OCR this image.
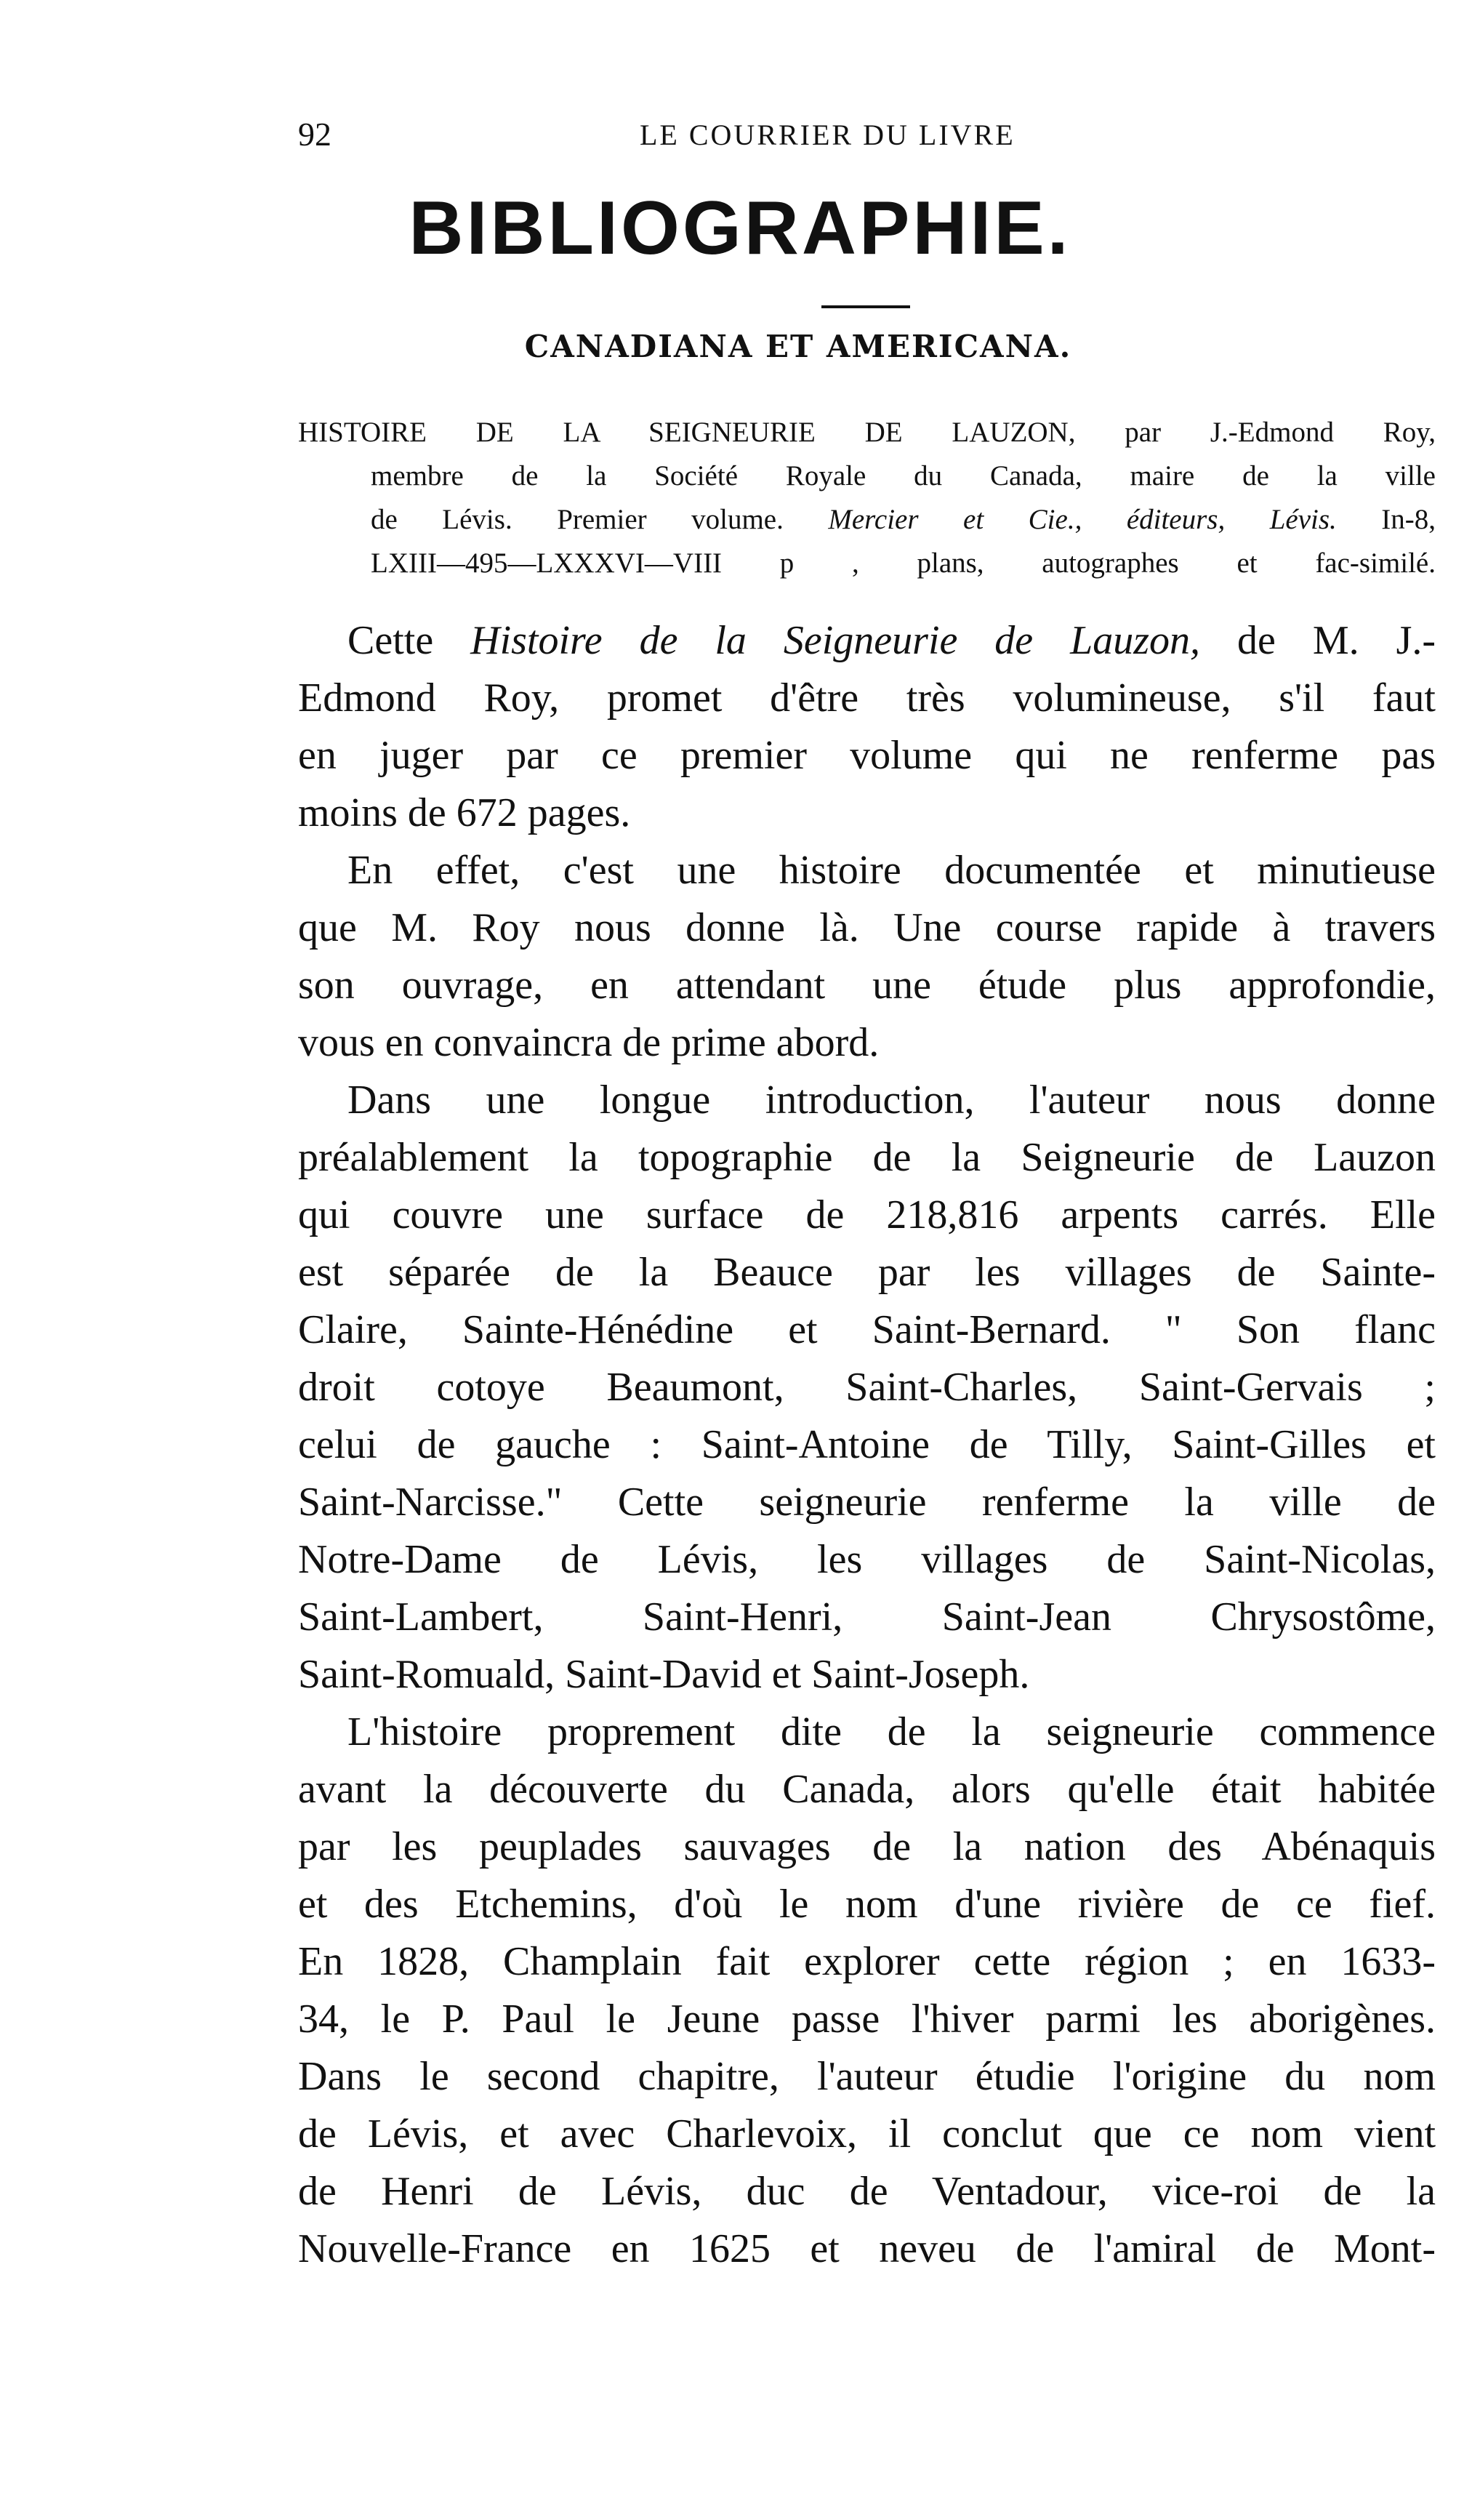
92	LE COURRIER DU LIVRE
BIBLIOGRAPHIE.
CANADIANA ET AMERICANA.
HISTOIRE DE LA SEIGNEURIE DE LAUZON, par J.-Edmond Roy,
membre de la Société Royale du Canada, maire de la ville
de Lévis. Premier volume. Mercier et Cie., éditeurs, Lévis. In-8,
LXIII—495—LXXXVI—VIII p , plans, autographes et fac-similé.
Cette Histoire de la Seigneurie de Lauzon, de M. J.-
Edmond Roy, promet d'être très volumineuse, s'il faut
en juger par ce premier volume qui ne renferme pas
moins de 672 pages.
En effet, c'est une histoire documentée et minutieuse
que M. Roy nous donne là. Une course rapide à travers
son ouvrage, en attendant une étude plus approfondie,
vous en convaincra de prime abord.
Dans une longue introduction, l'auteur nous donne
préalablement la topographie de la Seigneurie de Lauzon
qui couvre une surface de 218,816 arpents carrés. Elle
est séparée de la Beauce par les villages de Sainte-
Claire, Sainte-Hénédine et Saint-Bernard. " Son flanc
droit cotoye Beaumont, Saint-Charles, Saint-Gervais ;
celui de gauche : Saint-Antoine de Tilly, Saint-Gilles et
Saint-Narcisse." Cette seigneurie renferme la ville de
Notre-Dame de Lévis, les villages de Saint-Nicolas,
Saint-Lambert, Saint-Henri, Saint-Jean Chrysostôme,
Saint-Romuald, Saint-David et Saint-Joseph.
L'histoire proprement dite de la seigneurie commence
avant la découverte du Canada, alors qu'elle était habitée
par les peuplades sauvages de la nation des Abénaquis
et des Etchemins, d'où le nom d'une rivière de ce fief.
En 1828, Champlain fait explorer cette région ; en 1633-
34, le P. Paul le Jeune passe l'hiver parmi les aborigènes.
Dans le second chapitre, l'auteur étudie l'origine du nom
de Lévis, et avec Charlevoix, il conclut que ce nom vient
de Henri de Lévis, duc de Ventadour, vice-roi de la
Nouvelle-France en 1625 et neveu de l'amiral de Mont-
